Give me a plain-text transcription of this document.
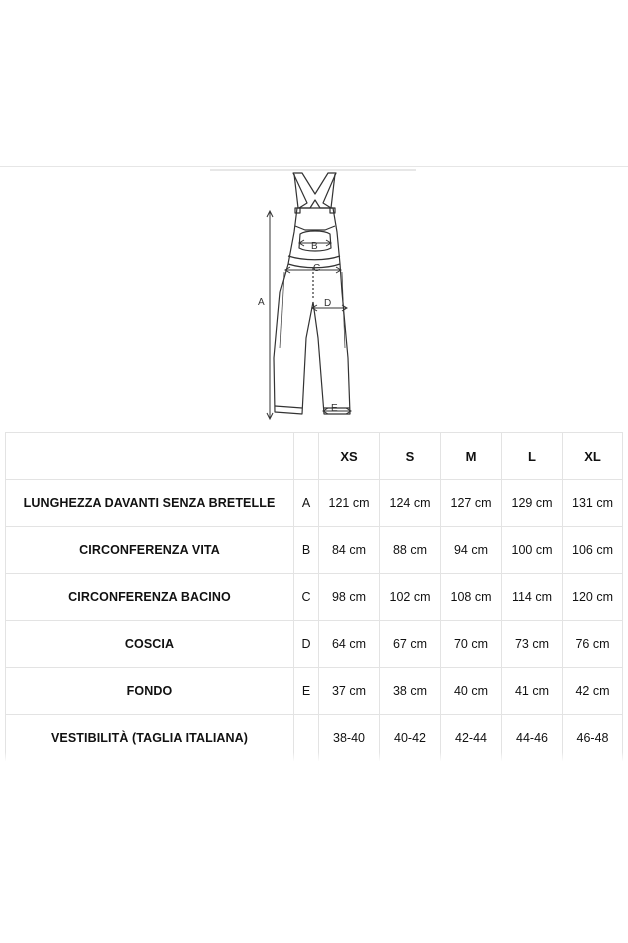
A
B
C
D
E
		XS	S	M	L	XL
LUNGHEZZA DAVANTI SENZA BRETELLE	A	121 cm	124 cm	127 cm	129 cm	131 cm
CIRCONFERENZA VITA	B	84 cm	88 cm	94 cm	100 cm	106 cm
CIRCONFERENZA BACINO	C	98 cm	102 cm	108 cm	114 cm	120 cm
COSCIA	D	64 cm	67 cm	70 cm	73 cm	76 cm
FONDO	E	37 cm	38 cm	40 cm	41 cm	42 cm
VESTIBILITÀ (TAGLIA ITALIANA)		38-40	40-42	42-44	44-46	46-48
